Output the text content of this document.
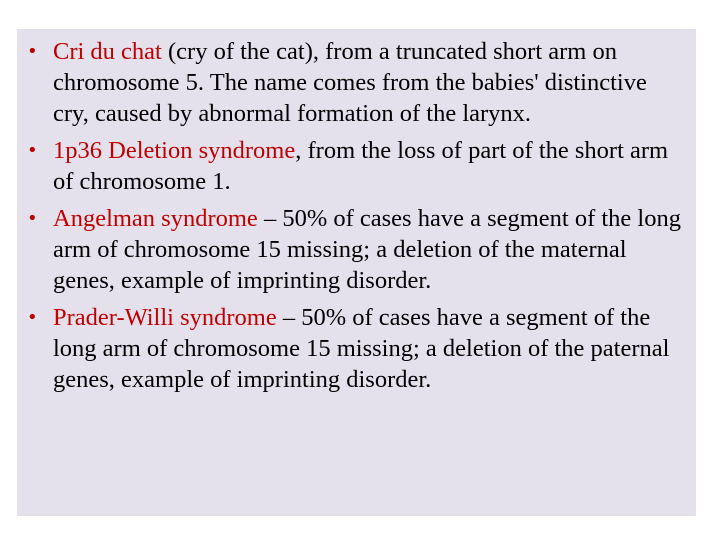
• Cri du chat (cry of the cat), from a truncated short arm on chromosome 5. The name comes from the babies' distinctive cry, caused by abnormal formation of the larynx.
• 1p36 Deletion syndrome, from the loss of part of the short arm of chromosome 1.
• Angelman syndrome – 50% of cases have a segment of the long arm of chromosome 15 missing; a deletion of the maternal genes, example of imprinting disorder.
• Prader-Willi syndrome – 50% of cases have a segment of the long arm of chromosome 15 missing; a deletion of the paternal genes, example of imprinting disorder.
